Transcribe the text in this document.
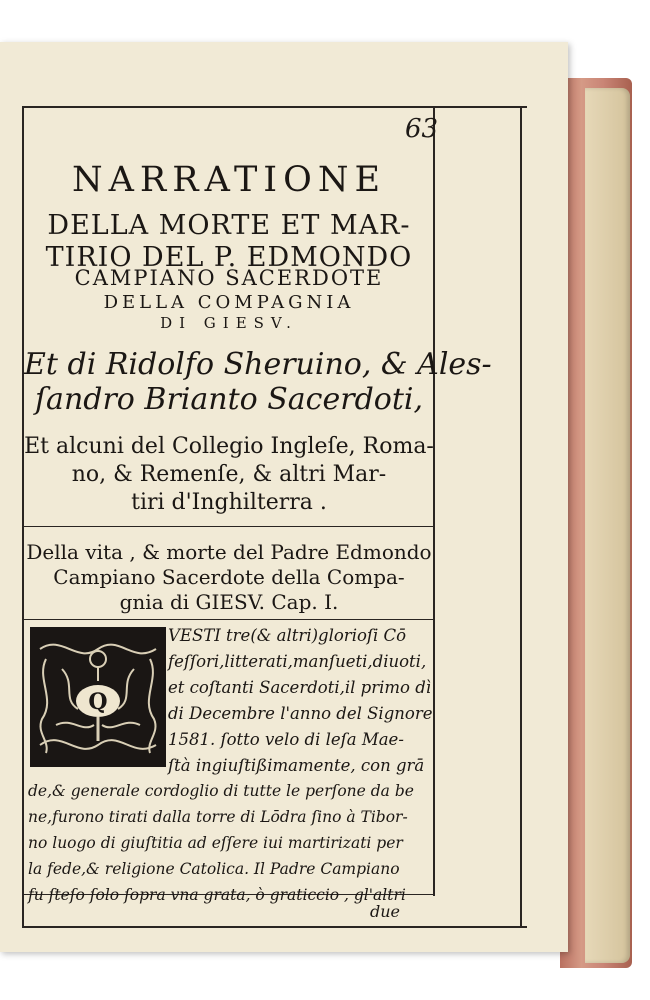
63
NARRATIONE
DELLA MORTE ET MAR-
TIRIO DEL P. EDMONDO
CAMPIANO SACERDOTE
DELLA COMPAGNIA
DI GIESV.
Et di Ridolfo Sheruino, & Ales-
ſandro Brianto Sacerdoti,
Et alcuni del Collegio Ingleſe, Roma-
no, & Remenſe, & altri Mar-
tiri d'Inghilterra .
Della vita , & morte del Padre Edmondo
Campiano Sacerdote della Compa-
gnia di GIESV. Cap. I.
Q
VESTI tre(& altri)glorioſi Cō
feſſori,litterati,manſueti,diuoti,
et coſtanti Sacerdoti,il primo dì
di Decembre l'anno del Signore
1581. ſotto velo di leſa Mae-
ſtà ingiuſtißimamente, con grā
de,& generale cordoglio di tutte le perſone da be
ne,furono tirati dalla torre di Lōdra ſino à Tibor-
no luogo di giuſtitia ad eſſere iui martirizati per
la fede,& religione Catolica. Il Padre Campiano
fu ſteſo ſolo ſopra vna grata, ò graticcio , gl'altri
due
